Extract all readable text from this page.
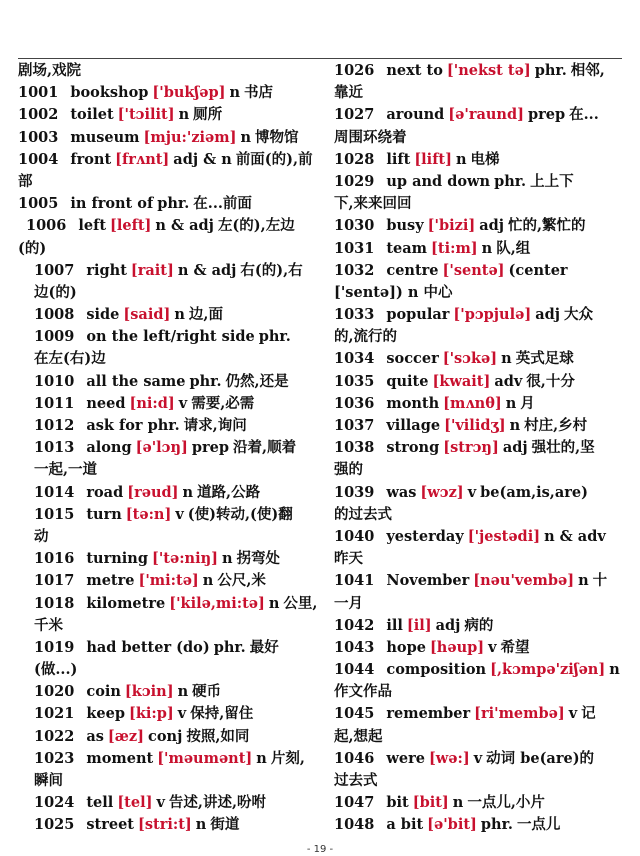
剧场,戏院
1001 bookshop ['bukʃəp] n 书店
1002 toilet ['tɔilit] n 厕所
1003 museum [mju:'ziəm] n 博物馆
1004 front [frʌnt] adj & n 前面(的),前
部
1005 in front of phr. 在...前面
1006 left [left] n & adj 左(的),左边
(的)
1007 right [rait] n & adj 右(的),右
边(的)
1008 side [said] n 边,面
1009 on the left/right side phr.
在左(右)边
1010 all the same phr. 仍然,还是
1011 need [ni:d] v 需要,必需
1012 ask for phr. 请求,询问
1013 along [ə'lɔŋ] prep 沿着,顺着
一起,一道
1014 road [rəud] n 道路,公路
1015 turn [tə:n] v (使)转动,(使)翻
动
1016 turning ['tə:niŋ] n 拐弯处
1017 metre ['mi:tə] n 公尺,米
1018 kilometre ['kilə,mi:tə] n 公里,
千米
1019 had better (do) phr. 最好
(做...)
1020 coin [kɔin] n 硬币
1021 keep [ki:p] v 保持,留住
1022 as [æz] conj 按照,如同
1023 moment ['məumənt] n 片刻,
瞬间
1024 tell [tel] v 告述,讲述,吩咐
1025 street [stri:t] n 街道
1026 next to ['nekst tə] phr. 相邻,
靠近
1027 around [ə'raund] prep 在...
周围环绕着
1028 lift [lift] n 电梯
1029 up and down phr. 上上下
下,来来回回
1030 busy ['bizi] adj 忙的,繁忙的
1031 team [ti:m] n 队,组
1032 centre ['sentə] (center
['sentə]) n 中心
1033 popular ['pɔpjulə] adj 大众
的,流行的
1034 soccer ['sɔkə] n 英式足球
1035 quite [kwait] adv 很,十分
1036 month [mʌnθ] n 月
1037 village ['vilidʒ] n 村庄,乡村
1038 strong [strɔŋ] adj 强壮的,坚
强的
1039 was [wɔz] v be(am,is,are)
的过去式
1040 yesterday ['jestədi] n & adv
昨天
1041 November [nəu'vembə] n 十
一月
1042 ill [il] adj 病的
1043 hope [həup] v 希望
1044 composition [,kɔmpə'ziʃən] n
作文作品
1045 remember [ri'membə] v 记
起,想起
1046 were [wə:] v 动词 be(are)的
过去式
1047 bit [bit] n 一点儿,小片
1048 a bit [ə'bit] phr. 一点儿
- 19 -
